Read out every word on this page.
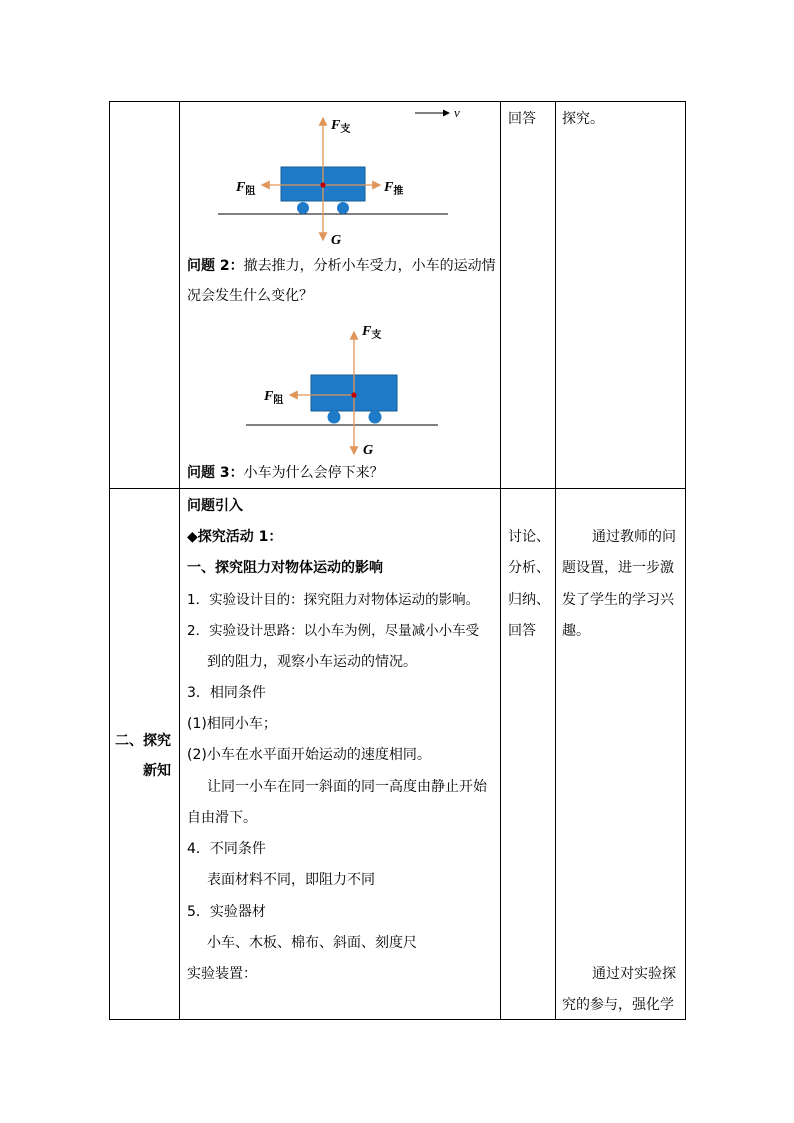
回答 探究。
v
$F_支$
$F_阻$	$F_推$
G
问题 2：撤去推力，分析小车受力，小车的运动情
况会发生什么变化？
$F_支$
$F_阻$
G
问题 3：小车为什么会停下来？
二、探究
新知
问题引入
◆探究活动 1：
一、探究阻力对物体运动的影响
1．实验设计目的：探究阻力对物体运动的影响。
2．实验设计思路：以小车为例，尽量减小小车受
到的阻力，观察小车运动的情况。
3．相同条件
(1)相同小车；
(2)小车在水平面开始运动的速度相同。
让同一小车在同一斜面的同一高度由静止开始
自由滑下。
4．不同条件
表面材料不同，即阻力不同
5．实验器材
小车、木板、棉布、斜面、刻度尺
实验装置：
讨论、
分析、
归纳、
回答
通过教师的问
题设置，进一步激
发了学生的学习兴
趣。
通过对实验探
究的参与，强化学
